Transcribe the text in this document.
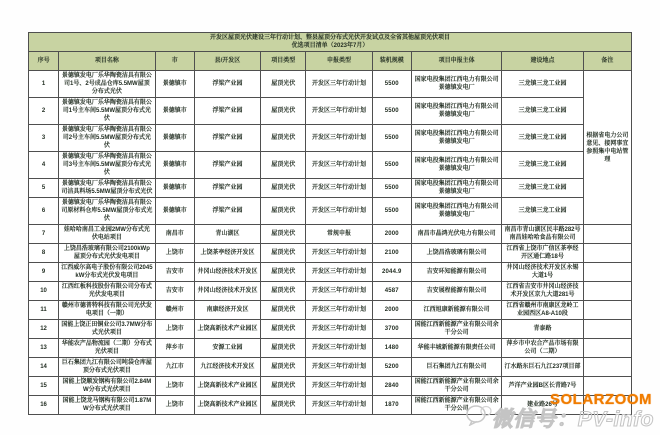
开发区屋顶光伏建设三年行动计划、整县屋顶分布式光伏开发试点及全省其他屋顶光伏项目
优选项目清单（2023年7月）									

序号	项目名称	市	县/开发区	项目类型	申报类型	装机规模	项目申报主体	建设地点	备注
1	景德镇发电厂乐华陶瓷洁具有限公司1号、2号成品仓库5.5MW屋顶分布式光伏	景德镇市	浮梁产业园	屋顶光伏	开发区三年行动计划	5500	国家电投集团江西电力有限公司景德镇发电厂	三龙镇三龙工业园	根据省电力公司意见、接网事宜参照集中电站管理
2	景德镇发电厂乐华陶瓷洁具有限公司1号主车间5.5MW屋顶分布式光伏	景德镇市	浮梁产业园	屋顶光伏	开发区三年行动计划	5500	国家电投集团江西电力有限公司景德镇发电厂	三龙镇三龙工业园	
3	景德镇发电厂乐华陶瓷洁具有限公司2号主车间5.5MW屋顶分布式光伏	景德镇市	浮梁产业园	屋顶光伏	开发区三年行动计划	5500	国家电投集团江西电力有限公司景德镇发电厂	三龙镇三龙工业园	
4	景德镇发电厂乐华陶瓷洁具有限公司3号主车间5.5MW屋顶分布式光伏	景德镇市	浮梁产业园	屋顶光伏	开发区三年行动计划	5500	国家电投集团江西电力有限公司景德镇发电厂	三龙镇三龙工业园	
5	景德镇发电厂乐华陶瓷洁具有限公司洁具料场5.5MW屋顶分布式光伏	景德镇市	浮梁产业园	屋顶光伏	开发区三年行动计划	5500	国家电投集团江西电力有限公司景德镇发电厂	三龙镇三龙工业园	
6	景德镇发电厂乐华陶瓷洁具有限公司原材料仓库5.5MW屋顶分布式光伏	景德镇市	浮梁产业园	屋顶光伏	开发区三年行动计划	5500	国家电投集团江西电力有限公司景德镇发电厂	三龙镇三龙工业园	
7	娃哈哈南昌工业园2MW分布式光伏电站项目	南昌市	青山湖区	屋顶光伏	常规申报	2000	南昌市晶鸿光伏电力有限公司	南昌市青山湖区民丰路282号南昌娃哈哈食品有限公司	
8	上饶昌浩玻璃有限公司2100kWp屋顶分布式光伏发电项目	上饶市	上饶茶亭经济开发区	屋顶光伏	开发区三年行动计划	2100	上饶昌浩玻璃有限公司	江西省上饶市广信区茶亭经开区通仁路18号	
9	江西威尔高电子股份有限公司2045kW分布式光伏发电项目	吉安市	井冈山经济技术开发区	屋顶光伏	开发区三年行动计划	2044.9	吉安环知能源有限公司	井冈山经济技术开发区永锡大道1号	
10	江西红板科技股份有限公司分布式光伏发电项目	吉安市	井冈山经济技术开发区	屋顶光伏	开发区三年行动计划	4587	吉安展程能源有限公司	江西省吉安市井冈山经济技术开发区京九大道281号	
11	赣州市德普特科技有限公司光伏发电项目（一期）	赣州市	南康经济开发区	屋顶光伏	开发区三年行动计划	2000	江西旭康新能源有限公司	江西省赣州市南康区龙岭工业园西区A8-A10段	
12	国能上饶正田铜业公司3.7MW分布式光伏项目	上饶市	上饶高新技术产业园区	屋顶光伏	开发区三年行动计划	3700	国能江西新能源产业有限公司余干分公司	青泰路	
13	华能农产品物流园（二期）分布式光伏项目	萍乡市	安源工业园	屋顶光伏	开发区三年行动计划	1480	华能丰城新能源有限责任公司	萍乡市中农合产品市场有限公司（二期）	
14	巨石集团九江有限公司吨袋仓库屋顶分布式光伏项目	九江市	九江经济技术开发区	屋顶光伏	开发区三年行动计划	5200	巨石集团九江有限公司	汀水路东巨石九江237项目部	
15	国能上饶顺发钢构有限公司2.84MW分布式光伏项目	上饶市	上饶高新技术产业园区	屋顶光伏	开发区三年行动计划	2840	国能江西新能源产业有限公司余干分公司	芦洋产业园B区长青路7号	
16	国能上饶龙马钢构有限公司1.87MW分布式光伏项目	上饶市	上饶高新技术产业园区	屋顶光伏	开发区三年行动计划	1870	国能江西新能源产业有限公司余干分公司	建业路26号	
微信号：PV-info
SOLARZOOM
